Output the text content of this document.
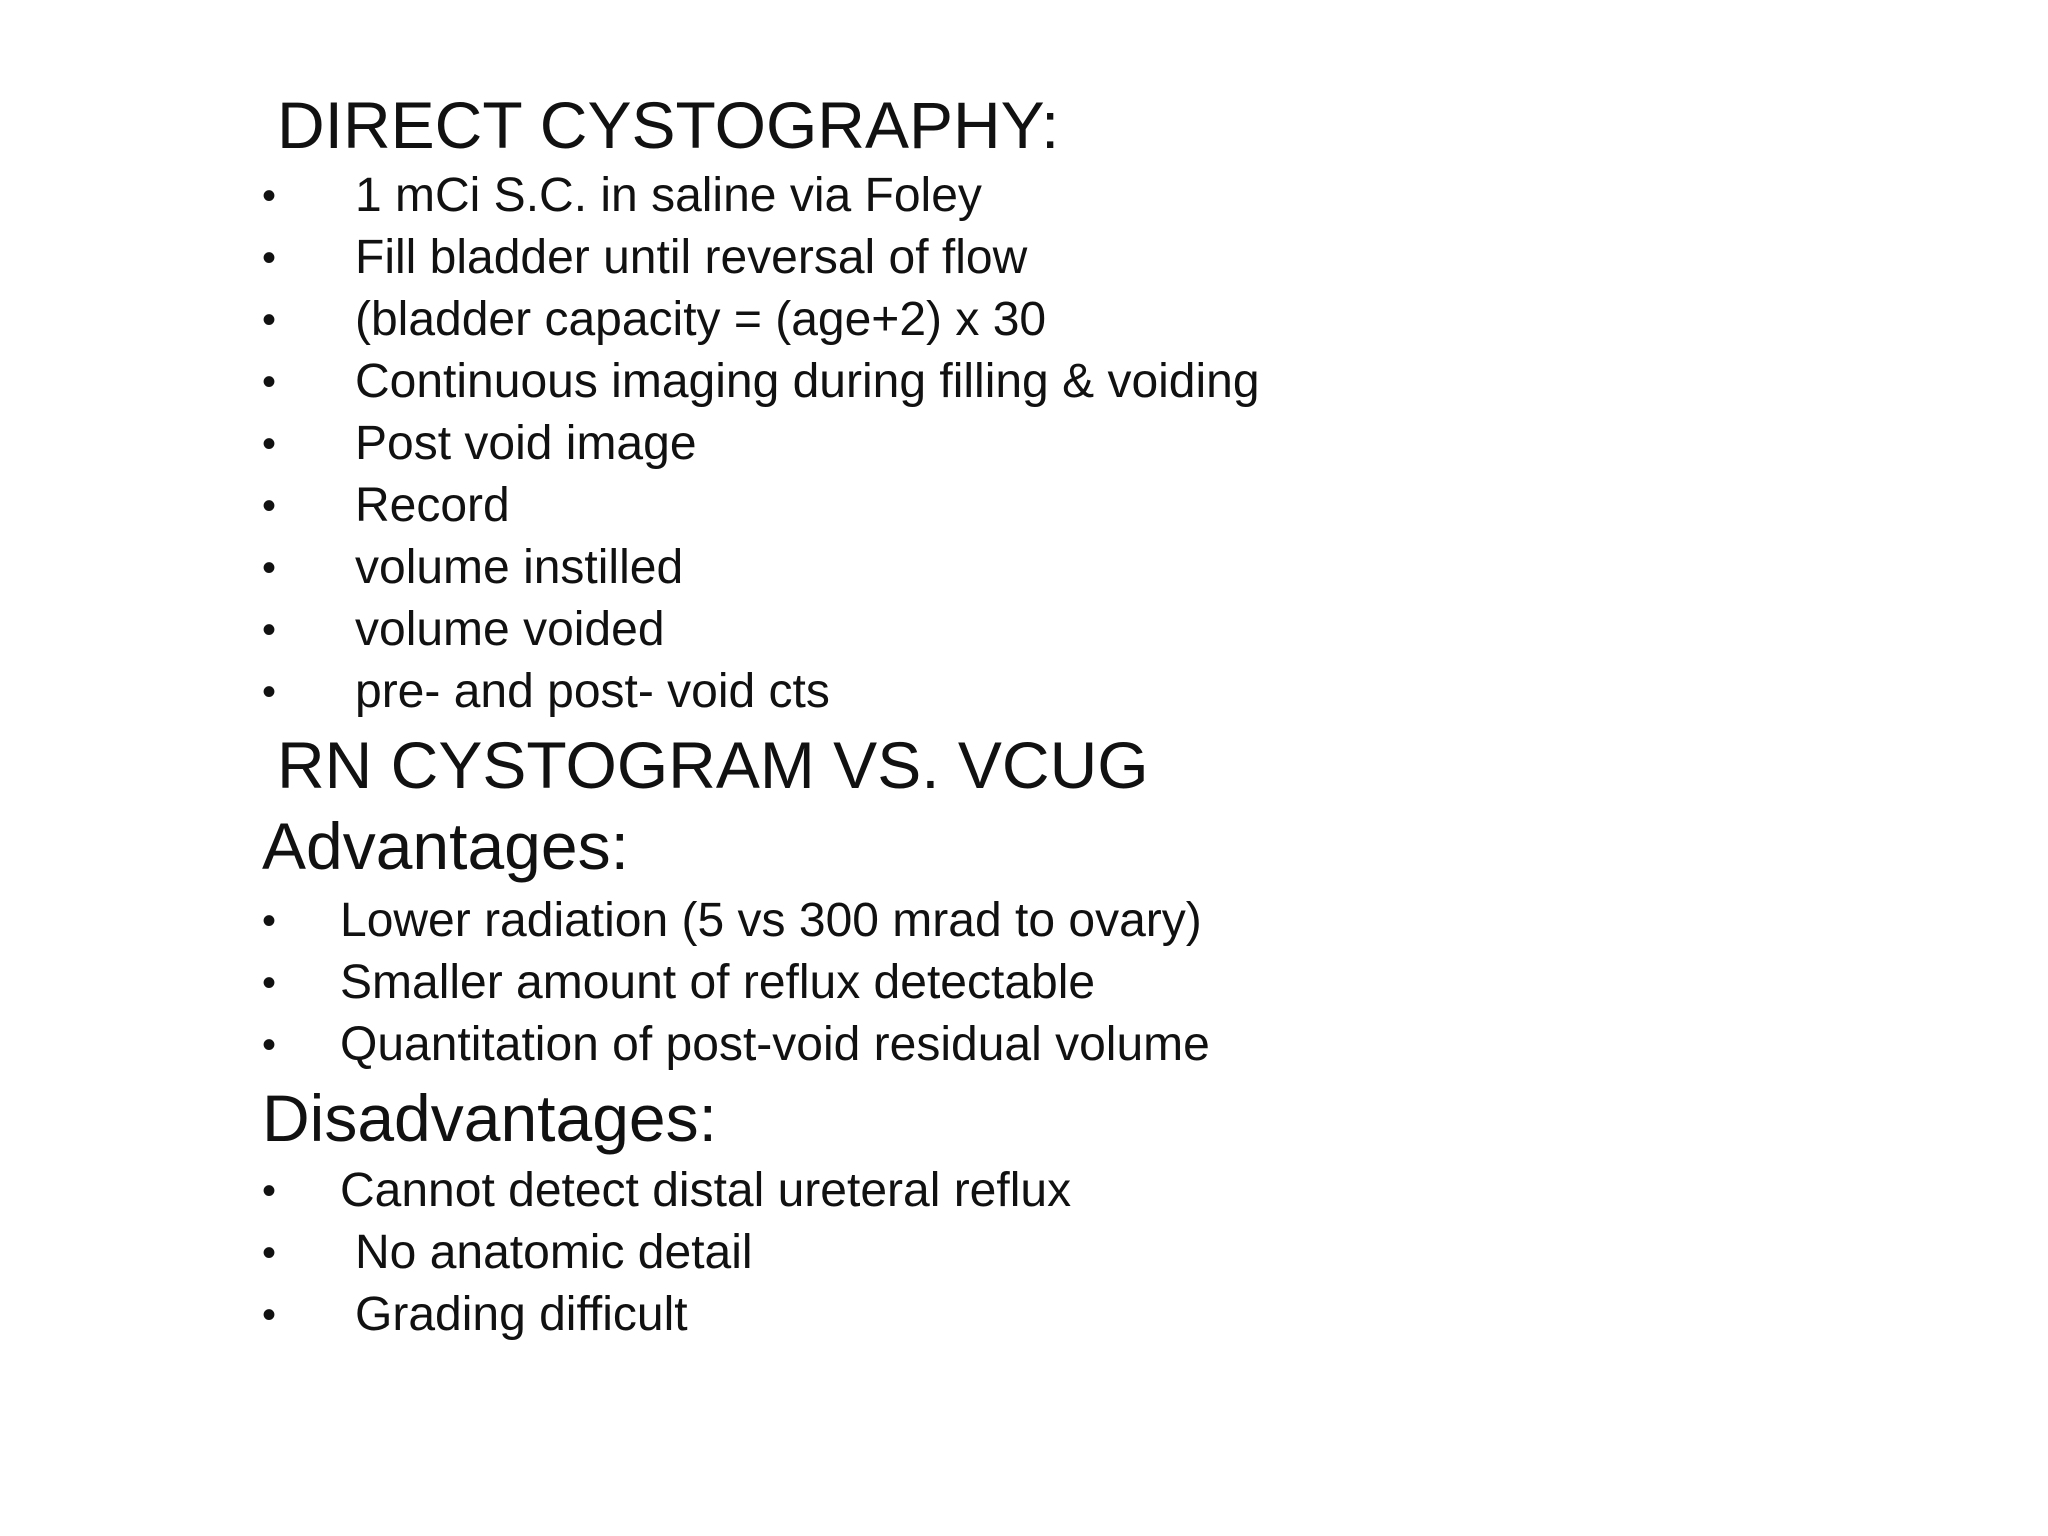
DIRECT CYSTOGRAPHY:
• 1 mCi S.C. in saline via Foley
• Fill bladder until reversal of flow
• (bladder capacity = (age+2) x 30
• Continuous imaging during filling & voiding
• Post void image
• Record
• volume instilled
• volume voided
• pre- and post- void cts
RN CYSTOGRAM VS. VCUG
Advantages:
• Lower radiation (5 vs 300 mrad to ovary)
• Smaller amount of reflux detectable
• Quantitation of post-void residual volume
Disadvantages:
• Cannot detect distal ureteral reflux
• No anatomic detail
• Grading difficult
